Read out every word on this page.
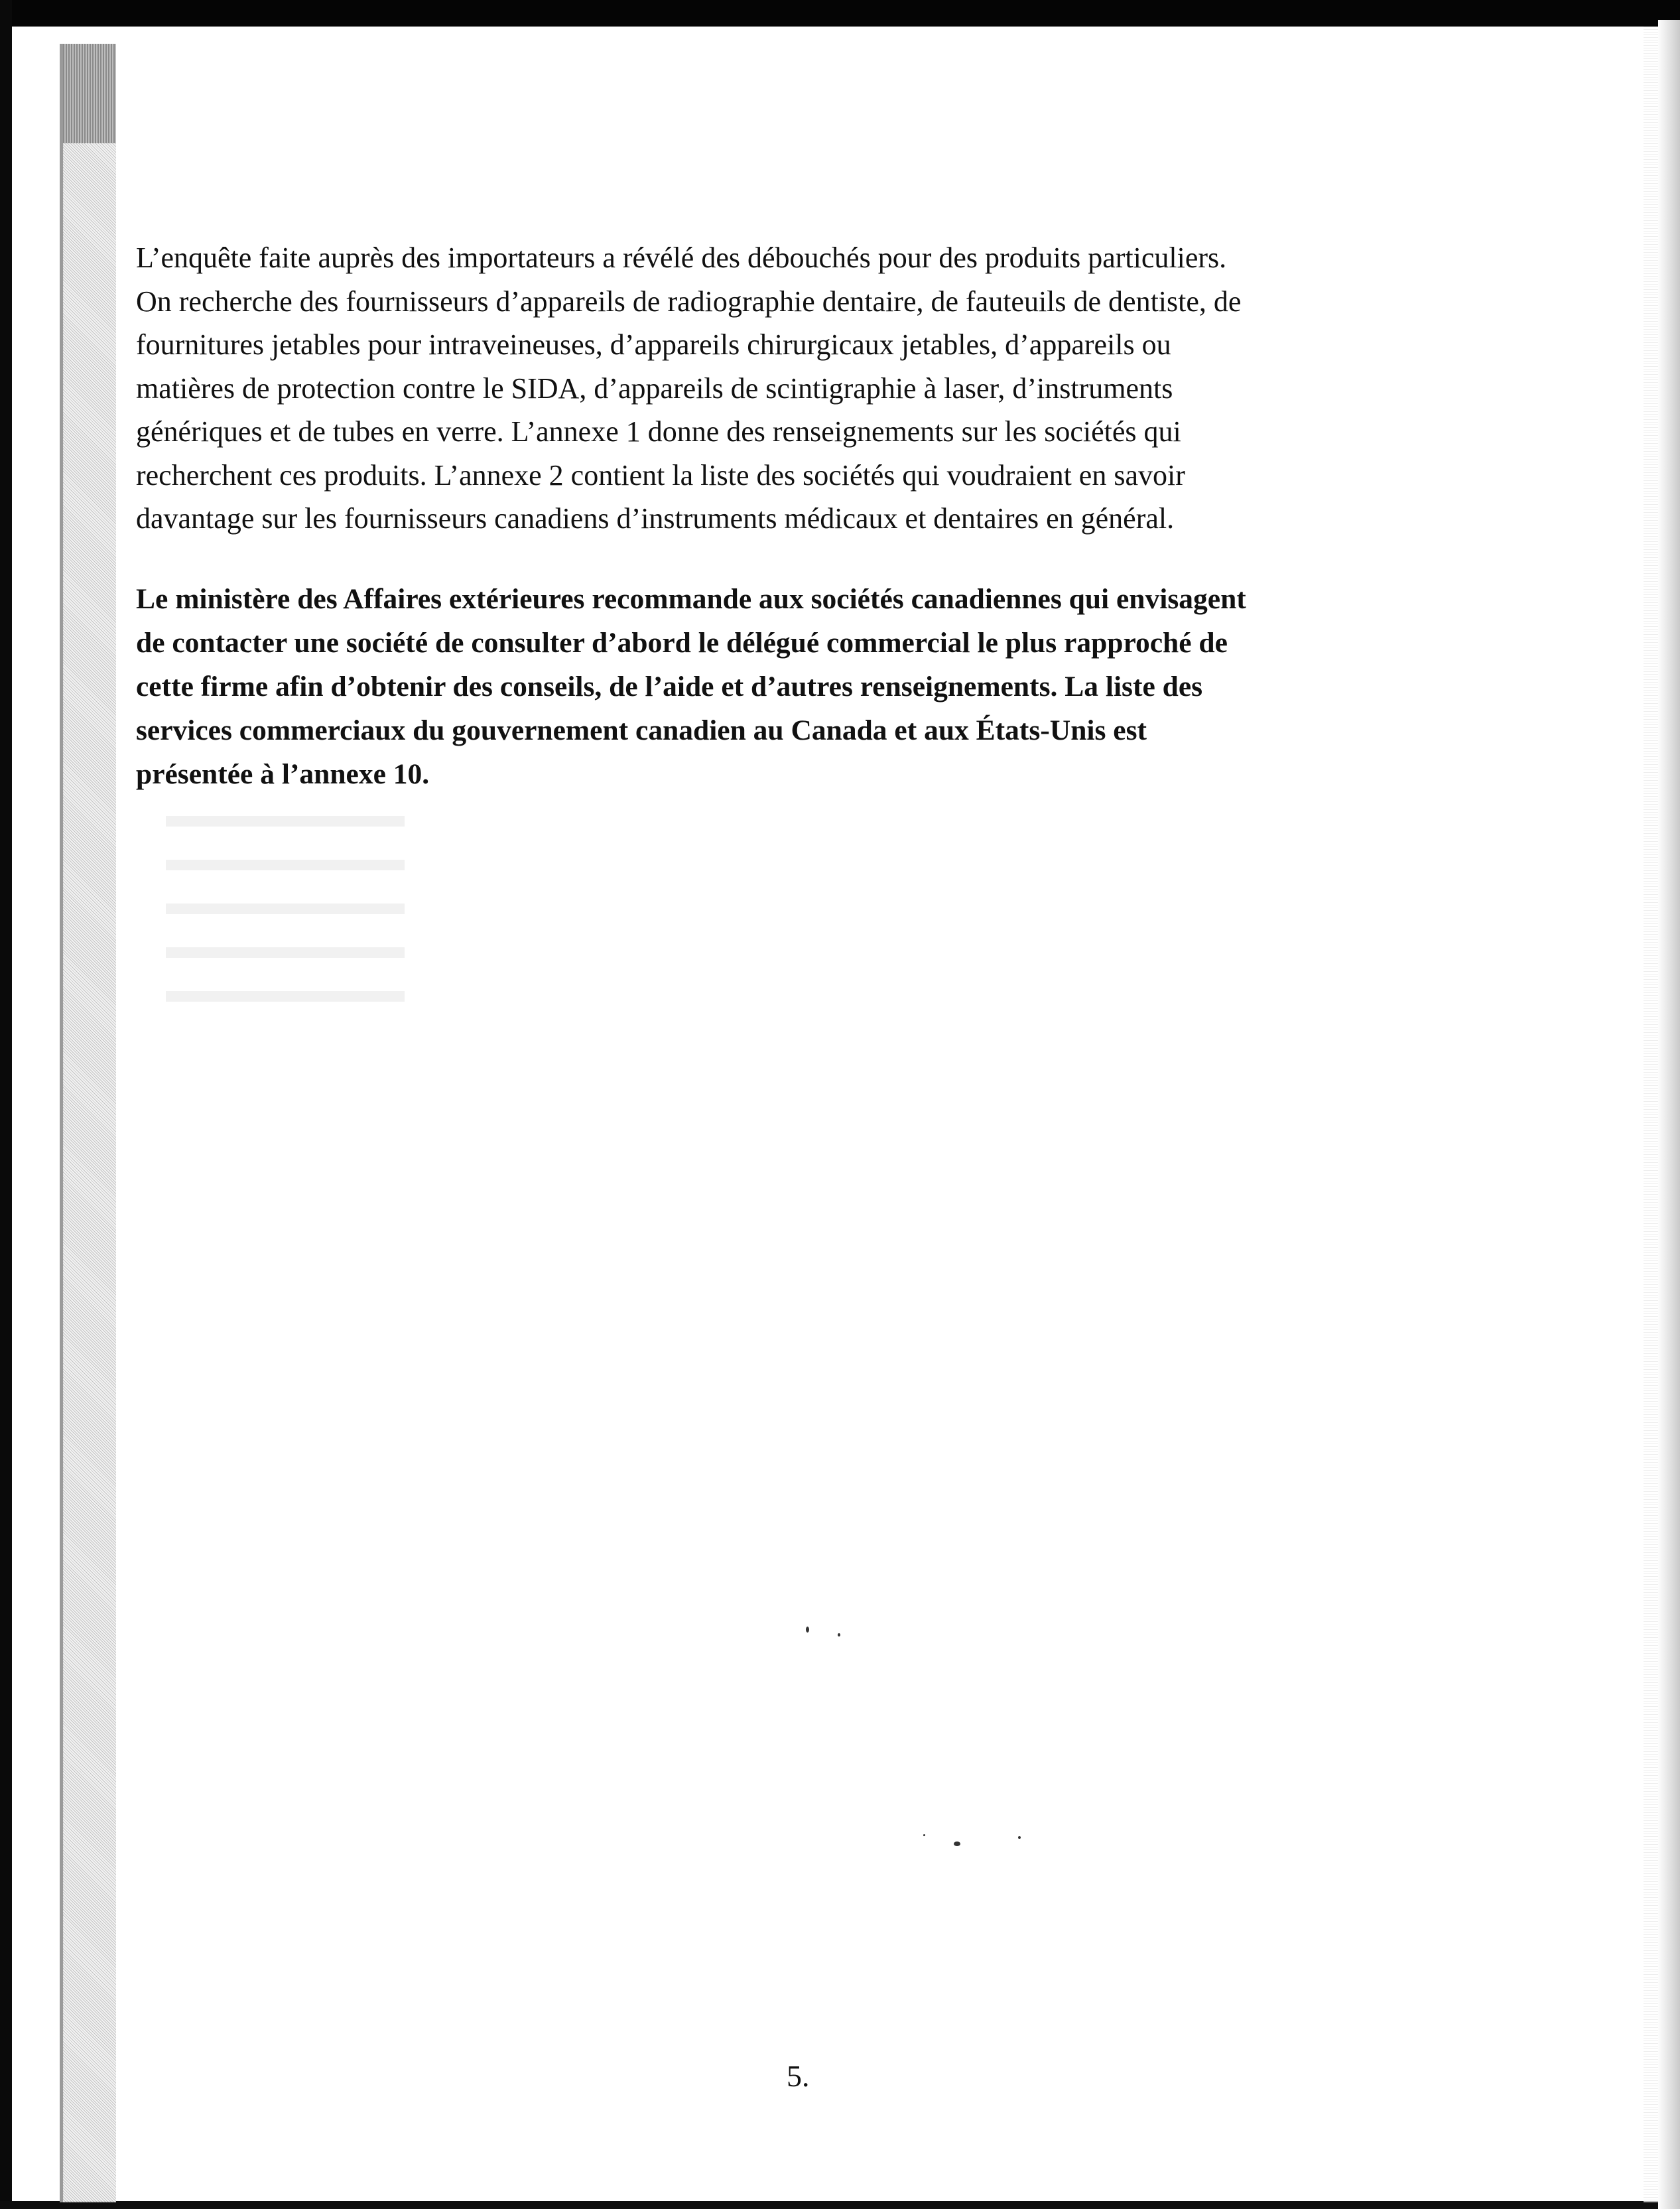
L’enquête faite auprès des importateurs a révélé des débouchés pour des produits particuliers.
On recherche des fournisseurs d’appareils de radiographie dentaire, de fauteuils de dentiste, de
fournitures jetables pour intraveineuses, d’appareils chirurgicaux jetables, d’appareils ou
matières de protection contre le SIDA, d’appareils de scintigraphie à laser, d’instruments
génériques et de tubes en verre. L’annexe 1 donne des renseignements sur les sociétés qui
recherchent ces produits. L’annexe 2 contient la liste des sociétés qui voudraient en savoir
davantage sur les fournisseurs canadiens d’instruments médicaux et dentaires en général.

Le ministère des Affaires extérieures recommande aux sociétés canadiennes qui envisagent
de contacter une société de consulter d’abord le délégué commercial le plus rapproché de
cette firme afin d’obtenir des conseils, de l’aide et d’autres renseignements. La liste des
services commerciaux du gouvernement canadien au Canada et aux États-Unis est
présentée à l’annexe 10.

5.
